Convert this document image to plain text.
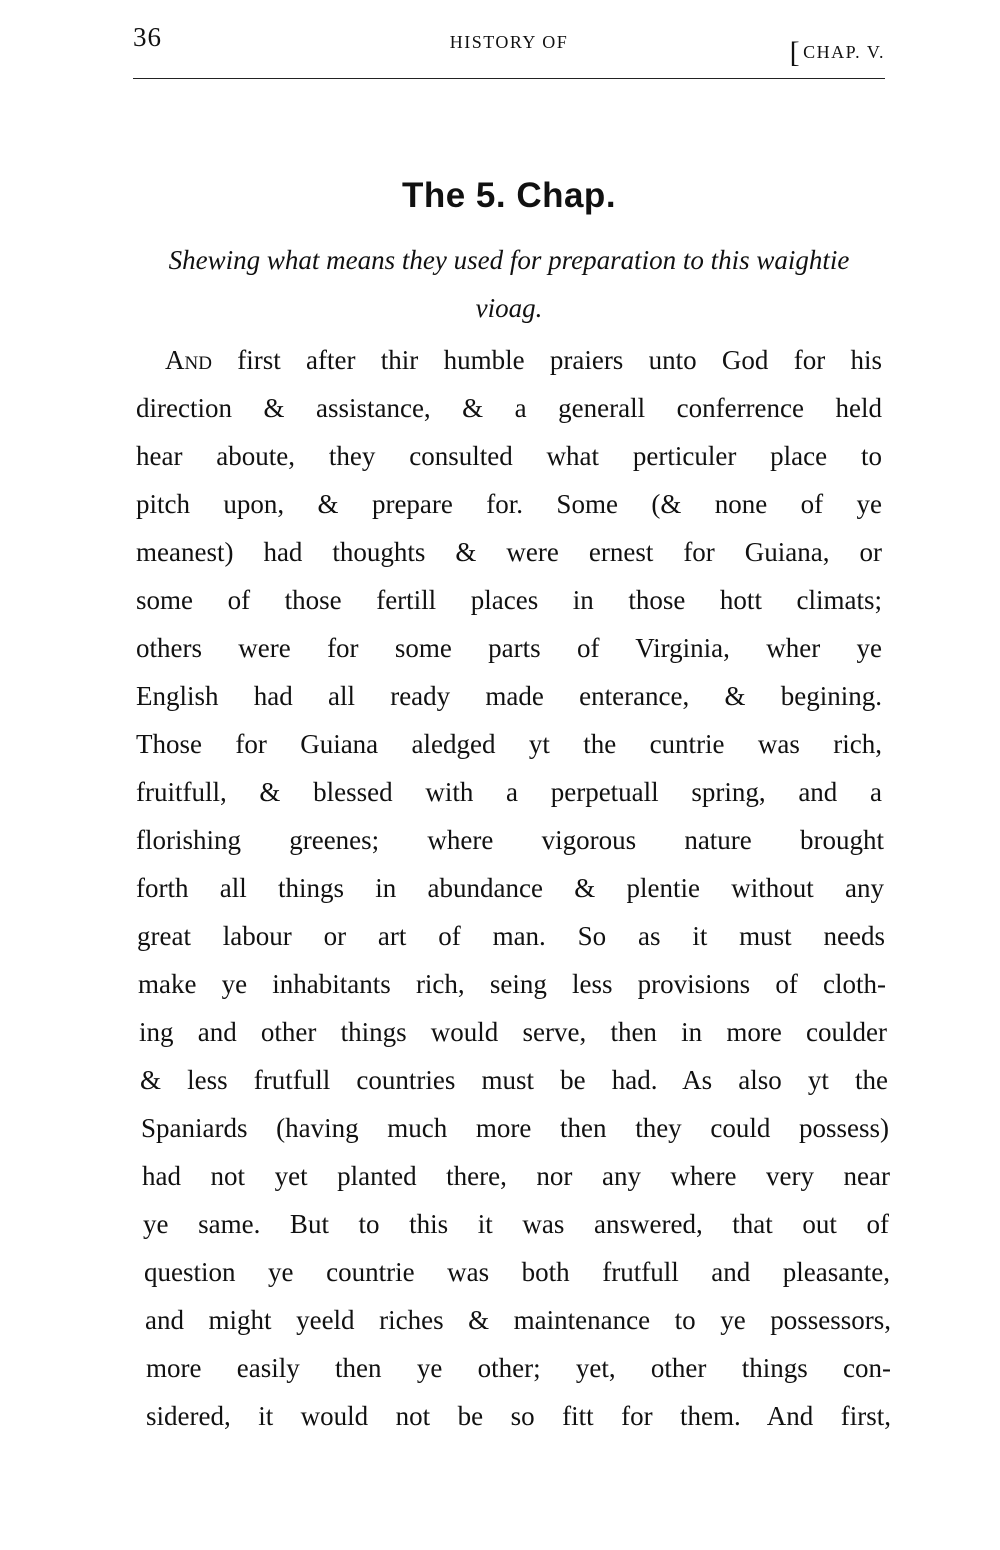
36	HISTORY OF	[ CHAP. V.
The 5. Chap.
Shewing what means they used for preparation to this waightie vioag.
And first after thir humble praiers unto God for his
direction & assistance, & a generall conferrence held
hear aboute, they consulted what perticuler place to
pitch upon, & prepare for. Some (& none of ye
meanest) had thoughts & were ernest for Guiana, or
some of those fertill places in those hott climats;
others were for some parts of Virginia, wher ye
English had all ready made enterance, & begining.
Those for Guiana aledged yt the cuntrie was rich,
fruitfull, & blessed with a perpetuall spring, and a
florishing greenes; where vigorous nature brought
forth all things in abundance & plentie without any
great labour or art of man. So as it must needs
make ye inhabitants rich, seing less provisions of cloth-
ing and other things would serve, then in more coulder
& less frutfull countries must be had. As also yt the
Spaniards (having much more then they could possess)
had not yet planted there, nor any where very near
ye same. But to this it was answered, that out of
question ye countrie was both frutfull and pleasante,
and might yeeld riches & maintenance to ye possessors,
more easily then ye other; yet, other things con-
sidered, it would not be so fitt for them. And first,
